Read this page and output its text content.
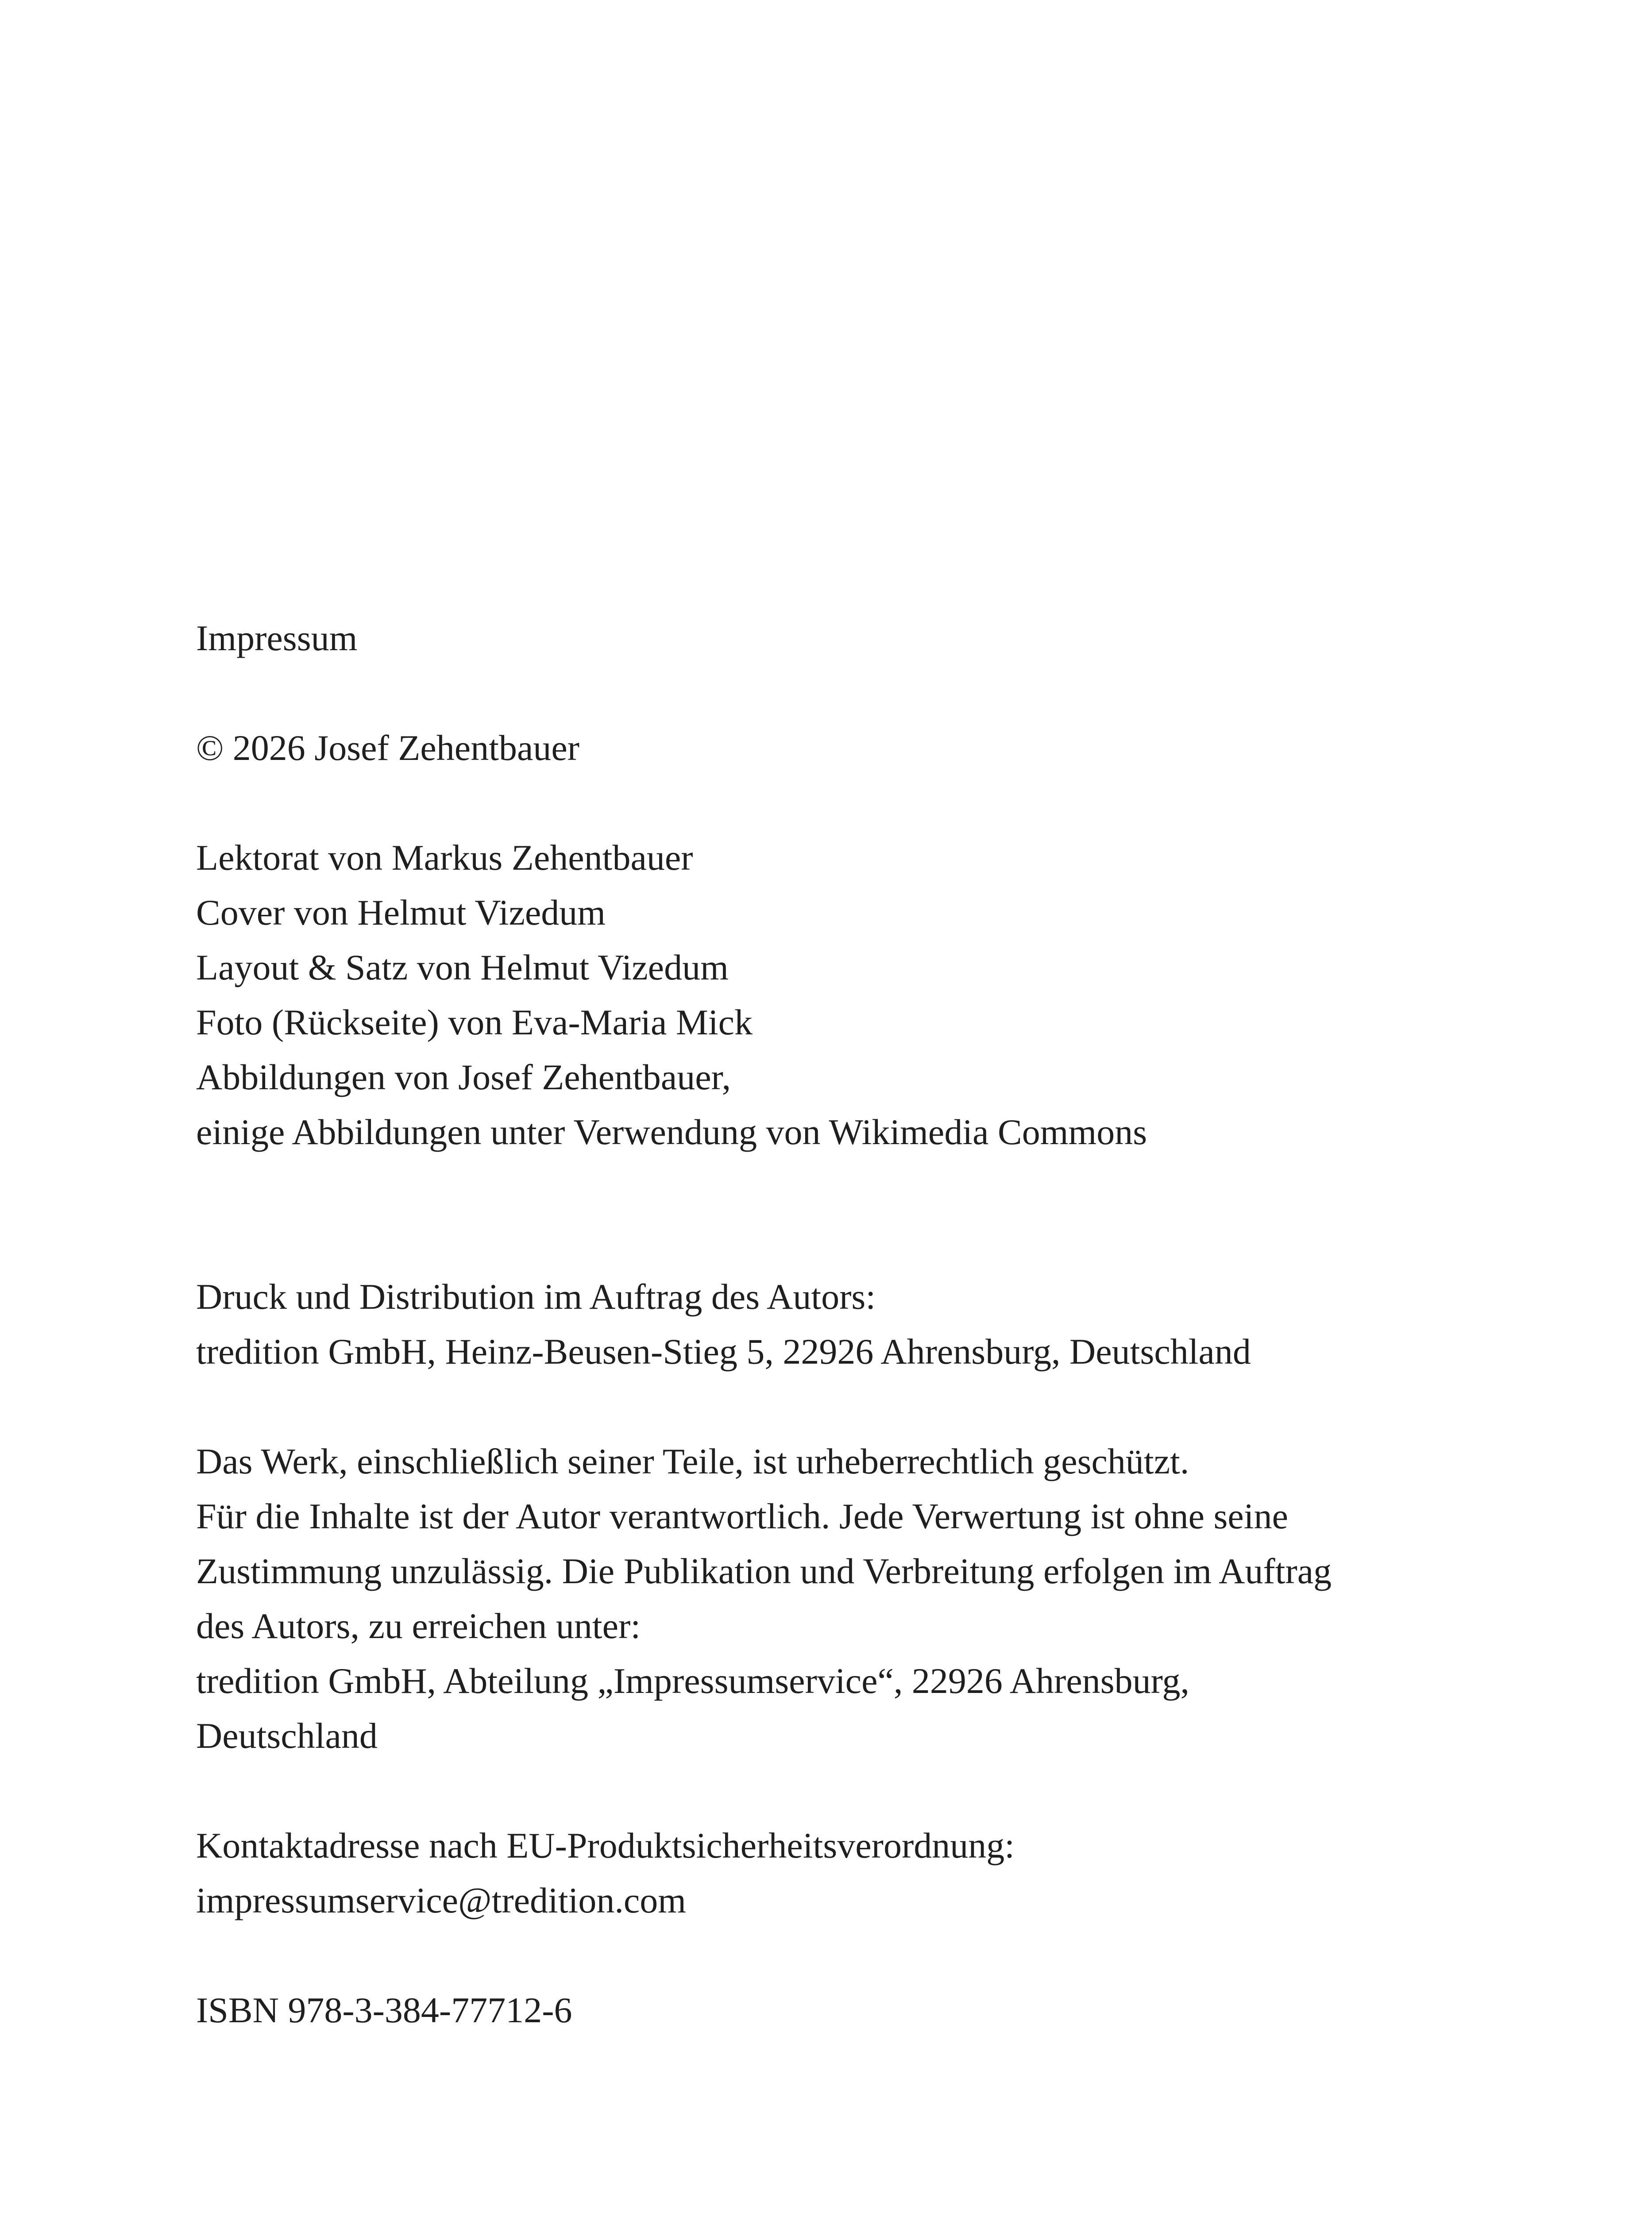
Impressum
© 2026 Josef Zehentbauer
Lektorat von Markus Zehentbauer
Cover von Helmut Vizedum
Layout & Satz von Helmut Vizedum
Foto (Rückseite) von Eva-Maria Mick
Abbildungen von Josef Zehentbauer,
einige Abbildungen unter Verwendung von Wikimedia Commons
Druck und Distribution im Auftrag des Autors:
tredition GmbH, Heinz-Beusen-Stieg 5, 22926 Ahrensburg, Deutschland
Das Werk, einschließlich seiner Teile, ist urheberrechtlich geschützt.
Für die Inhalte ist der Autor verantwortlich. Jede Verwertung ist ohne seine
Zustimmung unzulässig. Die Publikation und Verbreitung erfolgen im Auftrag
des Autors, zu erreichen unter:
tredition GmbH, Abteilung „Impressumservice“, 22926 Ahrensburg,
Deutschland
Kontaktadresse nach EU-Produktsicherheitsverordnung:
impressumservice@tredition.com
ISBN 978-3-384-77712-6
